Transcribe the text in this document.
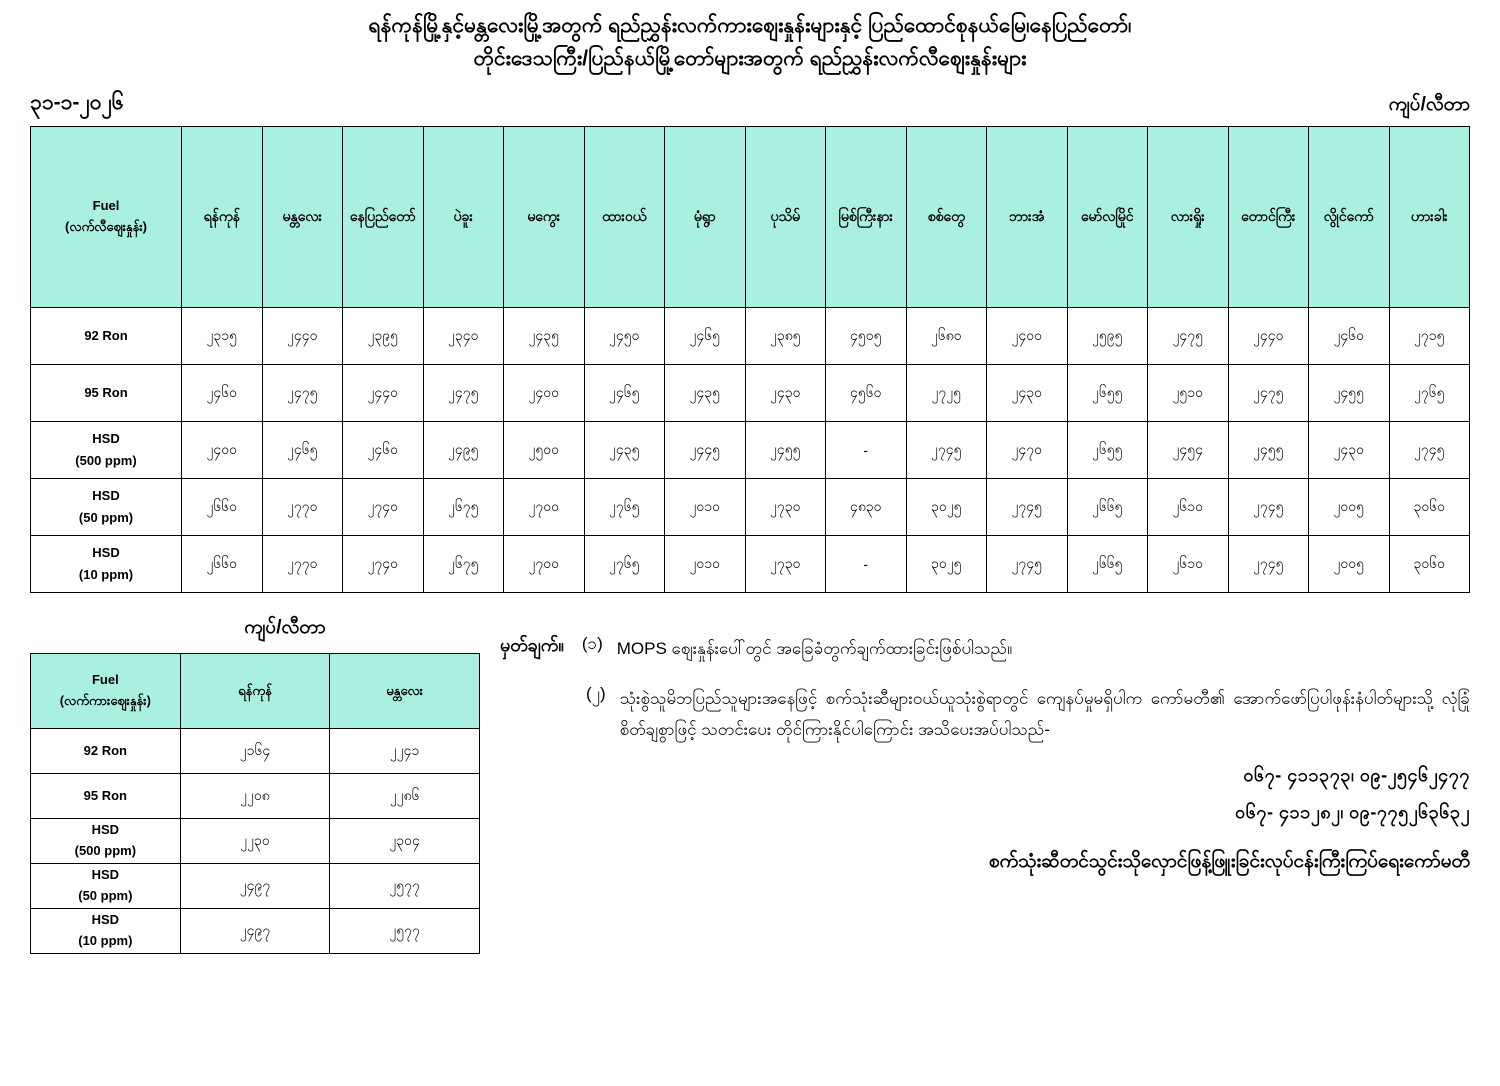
ရန်ကုန်မြို့နှင့်မန္တလေးမြို့အတွက် ရည်ညွှန်းလက်ကားဈေးနှုန်းများနှင့် ပြည်ထောင်စုနယ်မြေ၊နေပြည်တော်၊
တိုင်းဒေသကြီး/ပြည်နယ်မြို့တော်များအတွက် ရည်ညွှန်းလက်လီဈေးနှုန်းများ
၃၁-၁-၂၀၂၆	ကျပ်/လီတာ
Fuel
(လက်လီဈေးနှုန်း)	ရန်ကုန်	မန္တလေး	နေပြည်တော်	ပဲခူး	မကွေး	ထားဝယ်	မုံရွာ	ပုသိမ်	မြစ်ကြီးနား	စစ်တွေ	ဘားအံ	မော်လမြိုင်	လားရှိုး	တောင်ကြီး	လွိုင်ကော်	ဟားခါး

92 Ron	၂၃၁၅	၂၄၄၀	၂၃၉၅	၂၃၄၀	၂၄၃၅	၂၄၅၀	၂၄၆၅	၂၃၈၅	၄၅၀၅	၂၆၈၀	၂၄၀၀	၂၅၉၅	၂၄၇၅	၂၄၄၀	၂၄၆၀	၂၇၁၅

95 Ron	၂၄၆၀	၂၄၇၅	၂၄၄၀	၂၄၇၅	၂၄၀၀	၂၄၆၅	၂၄၃၅	၂၄၃၀	၄၅၆၀	၂၇၂၅	၂၄၃၀	၂၆၅၅	၂၅၁၀	၂၄၇၅	၂၄၅၅	၂၇၆၅

HSD
(500 ppm)	၂၄၀၀	၂၄၆၅	၂၄၆၀	၂၄၉၅	၂၅၀၀	၂၄၃၅	၂၄၄၅	၂၄၅၅	-	၂၇၄၅	၂၄၇၀	၂၆၅၅	၂၄၅၄	၂၄၅၅	၂၄၃၀	၂၇၄၅

HSD
(50 ppm)	၂၆၆၀	၂၇၇၀	၂၇၄၀	၂၆၇၅	၂၇၀၀	၂၇၆၅	၂၀၁၀	၂၇၃၀	၄၈၃၀	၃၀၂၅	၂၇၄၅	၂၆၆၅	၂၆၁၀	၂၇၄၅	၂၀၀၅	၃၀၆၀

HSD
(10 ppm)	၂၆၆၀	၂၇၇၀	၂၇၄၀	၂၆၇၅	၂၇၀၀	၂၇၆၅	၂၀၁၀	၂၇၃၀	-	၃၀၂၅	၂၇၄၅	၂၆၆၅	၂၆၁၀	၂၇၄၅	၂၀၀၅	၃၀၆၀
ကျပ်/လီတာ
Fuel
(လက်ကားဈေးနှုန်း)	ရန်ကုန်	မန္တလေး

92 Ron	၂၁၆၄	၂၂၄၁

95 Ron	၂၂၀၈	၂၂၈၆

HSD
(500 ppm)	၂၂၃၀	၂၃၀၄

HSD
(50 ppm)	၂၄၉၇	၂၅၇၇

HSD
(10 ppm)	၂၄၉၇	၂၅၇၇
မှတ်ချက်။	(၁) MOPS ဈေးနှုန်းပေါ်တွင် အခြေခံတွက်ချက်ထားခြင်းဖြစ်ပါသည်။
(၂) သုံးစွဲသူမိဘပြည်သူများအနေဖြင့် စက်သုံးဆီများဝယ်ယူသုံးစွဲရာတွင် ကျေနပ်မှုမရှိပါက ကော်မတီ၏ အောက်ဖော်ပြပါဖုန်းနံပါတ်များသို့ လုံခြုံစိတ်ချစွာဖြင့် သတင်းပေး တိုင်ကြားနိုင်ပါကြောင်း အသိပေးအပ်ပါသည်-
၀၆၇- ၄၁၁၃၇၃၊ ၀၉-၂၅၄၆၂၄၇၇
၀၆၇- ၄၁၁၂၈၂၊ ၀၉-၇၇၅၂၆၃၆၃၂
စက်သုံးဆီတင်သွင်းသိုလှောင်ဖြန့်ဖြူးခြင်းလုပ်ငန်းကြီးကြပ်ရေးကော်မတီ
